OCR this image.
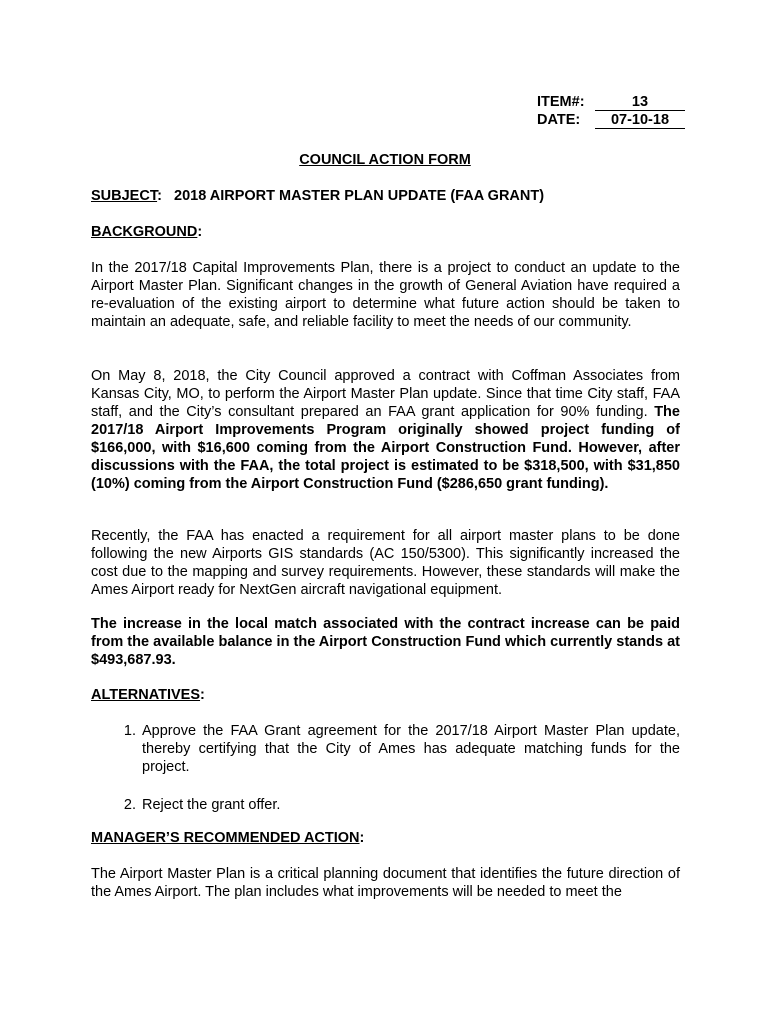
ITEM#:	13
DATE:	07-10-18
COUNCIL ACTION FORM
SUBJECT:   2018 AIRPORT MASTER PLAN UPDATE (FAA GRANT)
BACKGROUND:
In the 2017/18 Capital Improvements Plan, there is a project to conduct an update to the Airport Master Plan. Significant changes in the growth of General Aviation have required a re-evaluation of the existing airport to determine what future action should be taken to maintain an adequate, safe, and reliable facility to meet the needs of our community.
On May 8, 2018, the City Council approved a contract with Coffman Associates from Kansas City, MO, to perform the Airport Master Plan update. Since that time City staff, FAA staff, and the City’s consultant prepared an FAA grant application for 90% funding. The 2017/18 Airport Improvements Program originally showed project funding of $166,000, with $16,600 coming from the Airport Construction Fund. However, after discussions with the FAA, the total project is estimated to be $318,500, with $31,850 (10%) coming from the Airport Construction Fund ($286,650 grant funding).
Recently, the FAA has enacted a requirement for all airport master plans to be done following the new Airports GIS standards (AC 150/5300). This significantly increased the cost due to the mapping and survey requirements. However, these standards will make the Ames Airport ready for NextGen aircraft navigational equipment.
The increase in the local match associated with the contract increase can be paid from the available balance in the Airport Construction Fund which currently stands at $493,687.93.
ALTERNATIVES:
1. Approve the FAA Grant agreement for the 2017/18 Airport Master Plan update, thereby certifying that the City of Ames has adequate matching funds for the project.
2. Reject the grant offer.
MANAGER’S RECOMMENDED ACTION:
The Airport Master Plan is a critical planning document that identifies the future direction of the Ames Airport. The plan includes what improvements will be needed to meet the
